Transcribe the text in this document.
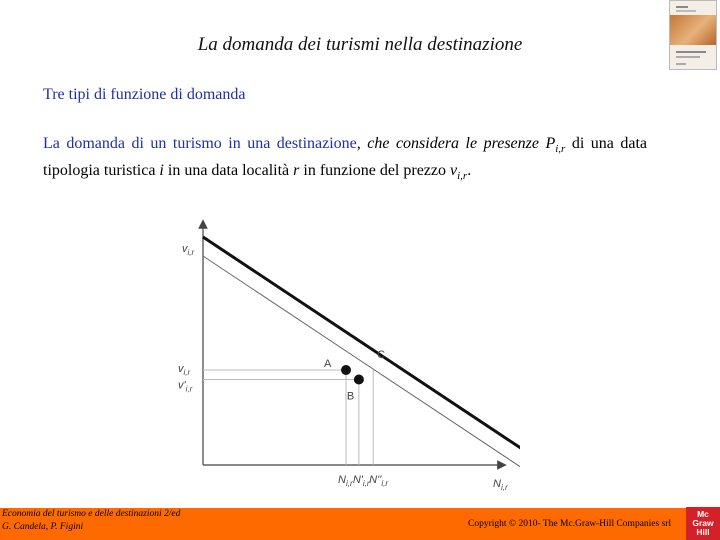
La domanda dei turismi nella destinazione
Tre tipi di funzione di domanda
La domanda di un turismo in una destinazione, che considera le presenze $P_{i,r}$ di una data tipologia turistica i in una data località r in funzione del prezzo $v_{i,r}$.
$v_{i,r}$
$N_{i,r}$
A
B
C
$v_{i,r}$
$v'_{i,r}$
$N_{i,r}$ $N'_{i,r}$ $N''_{i,r}$
Economia del turismo e delle destinazioni 2/ed
G. Candela, P. Figini	Copyright © 2010- The Mc.Graw-Hill Companies srl
Mc
Graw
Hill
